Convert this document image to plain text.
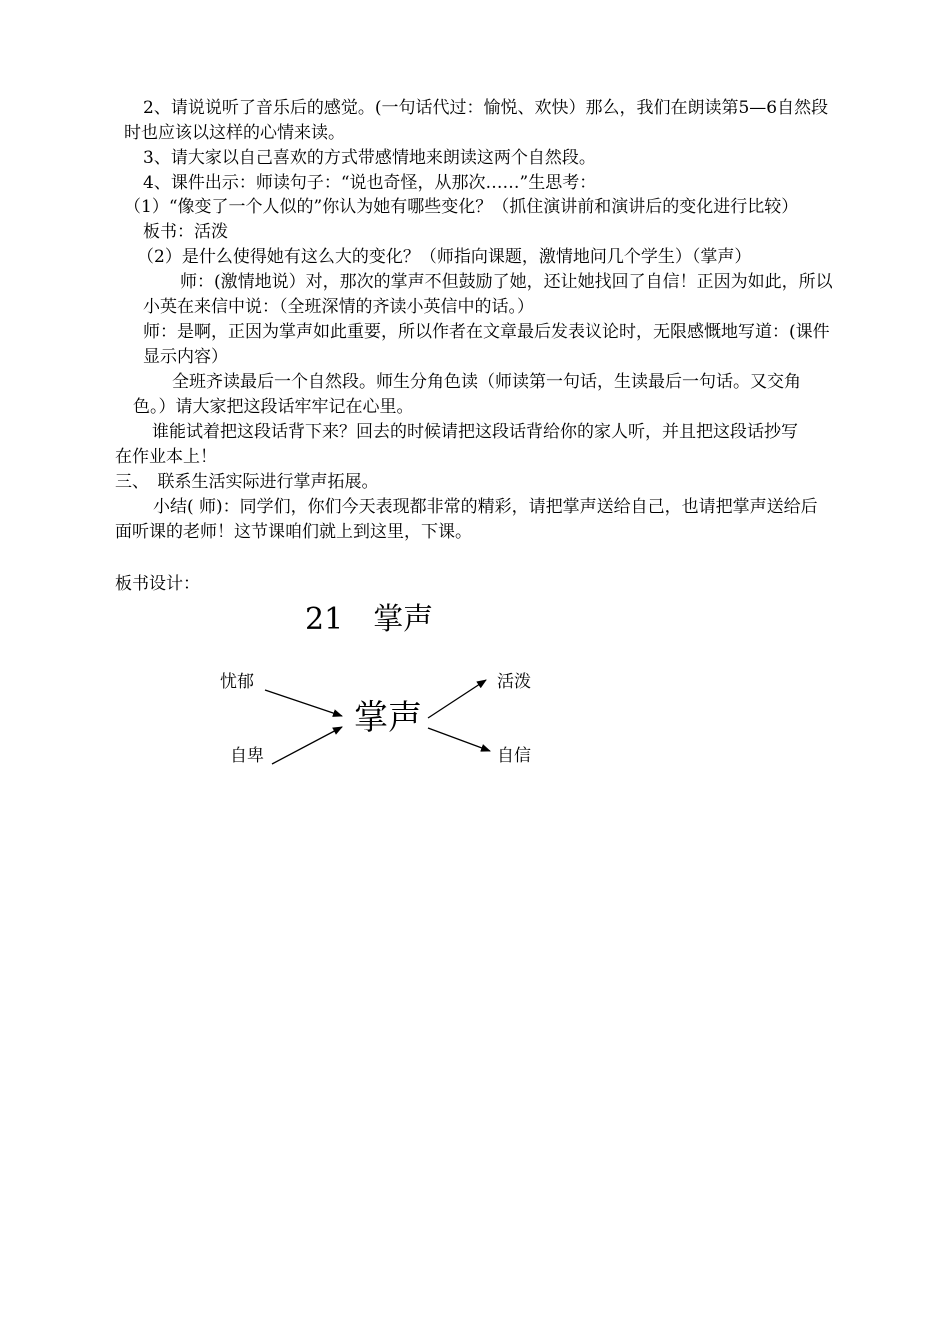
2、请说说听了音乐后的感觉。(一句话代过：愉悦、欢快）那么，我们在朗读第5—6自然段
时也应该以这样的心情来读。
3、请大家以自己喜欢的方式带感情地来朗读这两个自然段。
4、课件出示：师读句子：“说也奇怪，从那次……”生思考：
（1）“像变了一个人似的”你认为她有哪些变化？（抓住演讲前和演讲后的变化进行比较）
板书：活泼
（2）是什么使得她有这么大的变化？（师指向课题，激情地问几个学生）（掌声）
师：(激情地说）对，那次的掌声不但鼓励了她，还让她找回了自信！正因为如此，所以
小英在来信中说：（全班深情的齐读小英信中的话。）
师：是啊，正因为掌声如此重要，所以作者在文章最后发表议论时，无限感慨地写道：(课件
显示内容）
全班齐读最后一个自然段。师生分角色读（师读第一句话，生读最后一句话。又交角
色。）请大家把这段话牢牢记在心里。
谁能试着把这段话背下来？回去的时候请把这段话背给你的家人听，并且把这段话抄写
在作业本上！
三、　联系生活实际进行掌声拓展。
小结( 师)：同学们，你们今天表现都非常的精彩，请把掌声送给自己，也请把掌声送给后
面听课的老师！这节课咱们就上到这里，下课。
板书设计：
21 掌声
忧郁
自卑
掌声
活泼
自信
